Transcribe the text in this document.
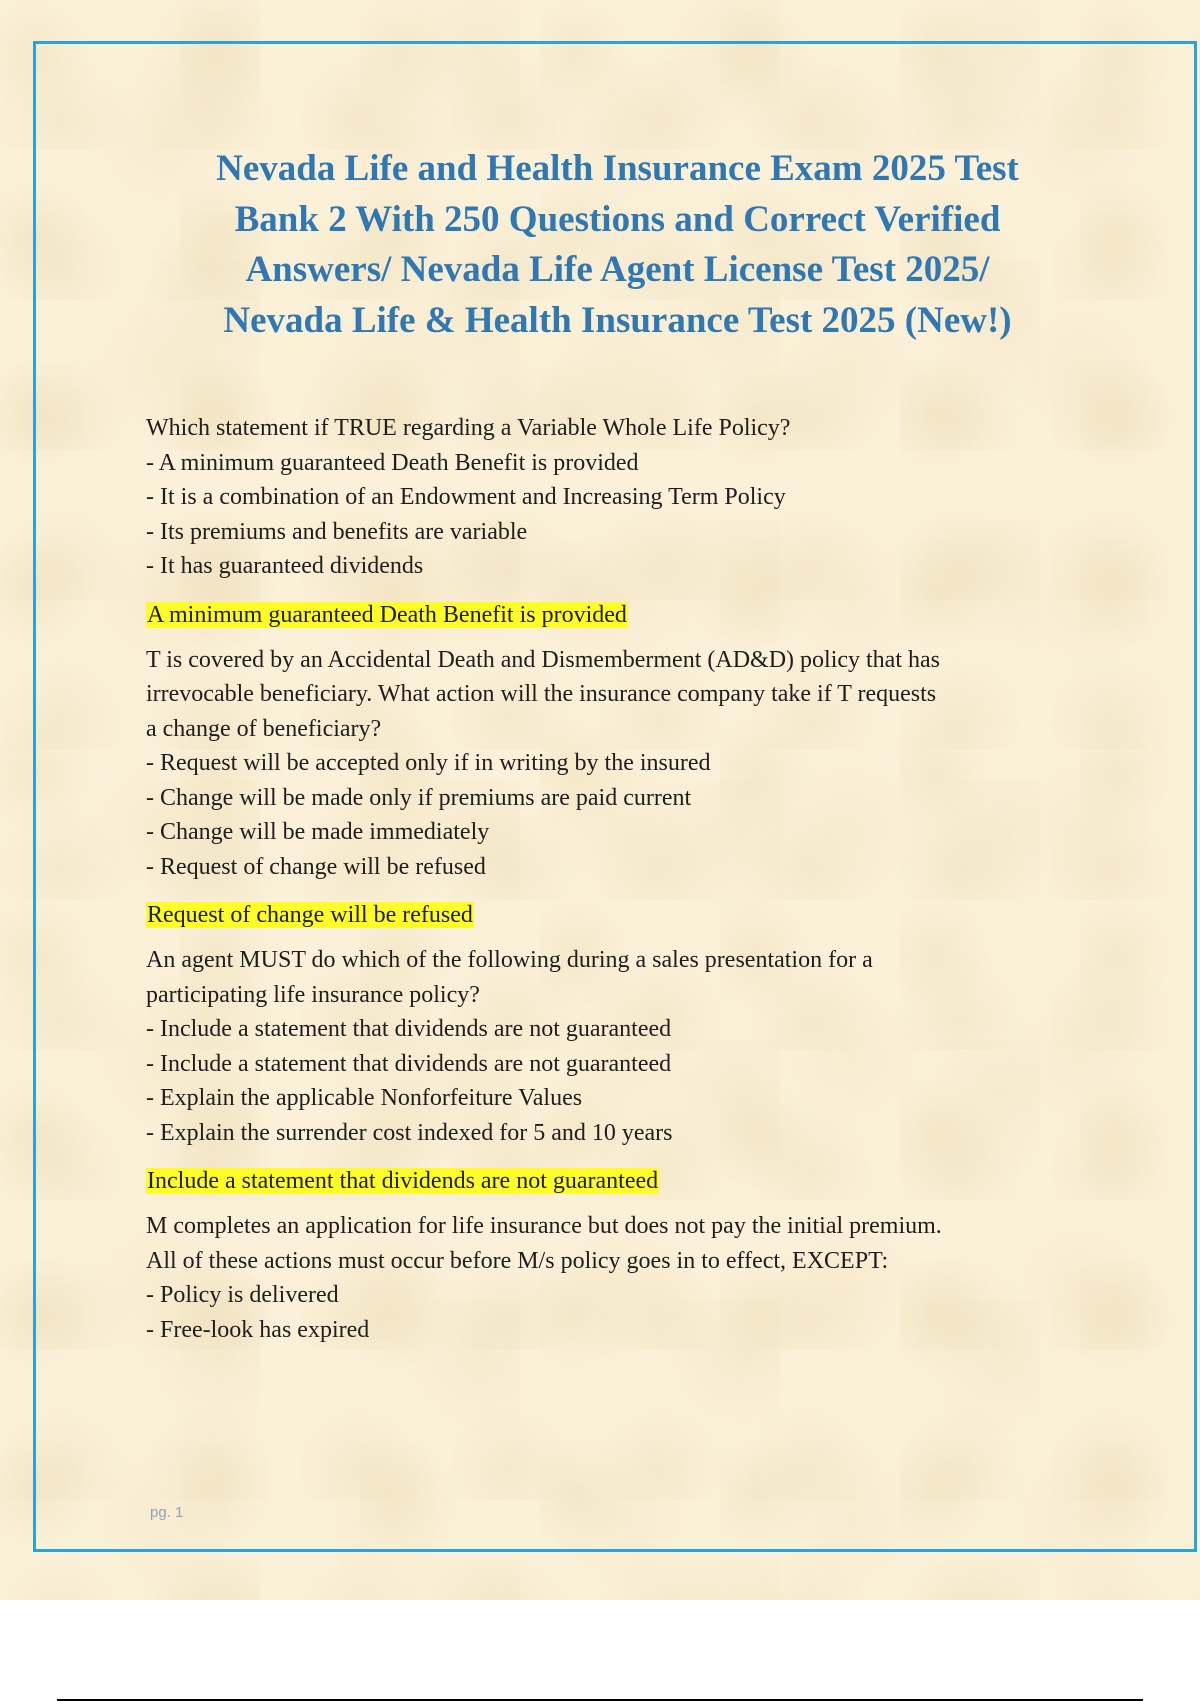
Nevada Life and Health Insurance Exam 2025 Test
Bank 2 With 250 Questions and Correct Verified
Answers/ Nevada Life Agent License Test 2025/
Nevada Life & Health Insurance Test 2025 (New!)
Which statement if TRUE regarding a Variable Whole Life Policy?
- A minimum guaranteed Death Benefit is provided
- It is a combination of an Endowment and Increasing Term Policy
- Its premiums and benefits are variable
- It has guaranteed dividends
A minimum guaranteed Death Benefit is provided
T is covered by an Accidental Death and Dismemberment (AD&D) policy that has
irrevocable beneficiary. What action will the insurance company take if T requests
a change of beneficiary?
- Request will be accepted only if in writing by the insured
- Change will be made only if premiums are paid current
- Change will be made immediately
- Request of change will be refused
Request of change will be refused
An agent MUST do which of the following during a sales presentation for a
participating life insurance policy?
- Include a statement that dividends are not guaranteed
- Include a statement that dividends are not guaranteed
- Explain the applicable Nonforfeiture Values
- Explain the surrender cost indexed for 5 and 10 years
Include a statement that dividends are not guaranteed
M completes an application for life insurance but does not pay the initial premium.
All of these actions must occur before M/s policy goes in to effect, EXCEPT:
- Policy is delivered
- Free-look has expired
pg. 1
